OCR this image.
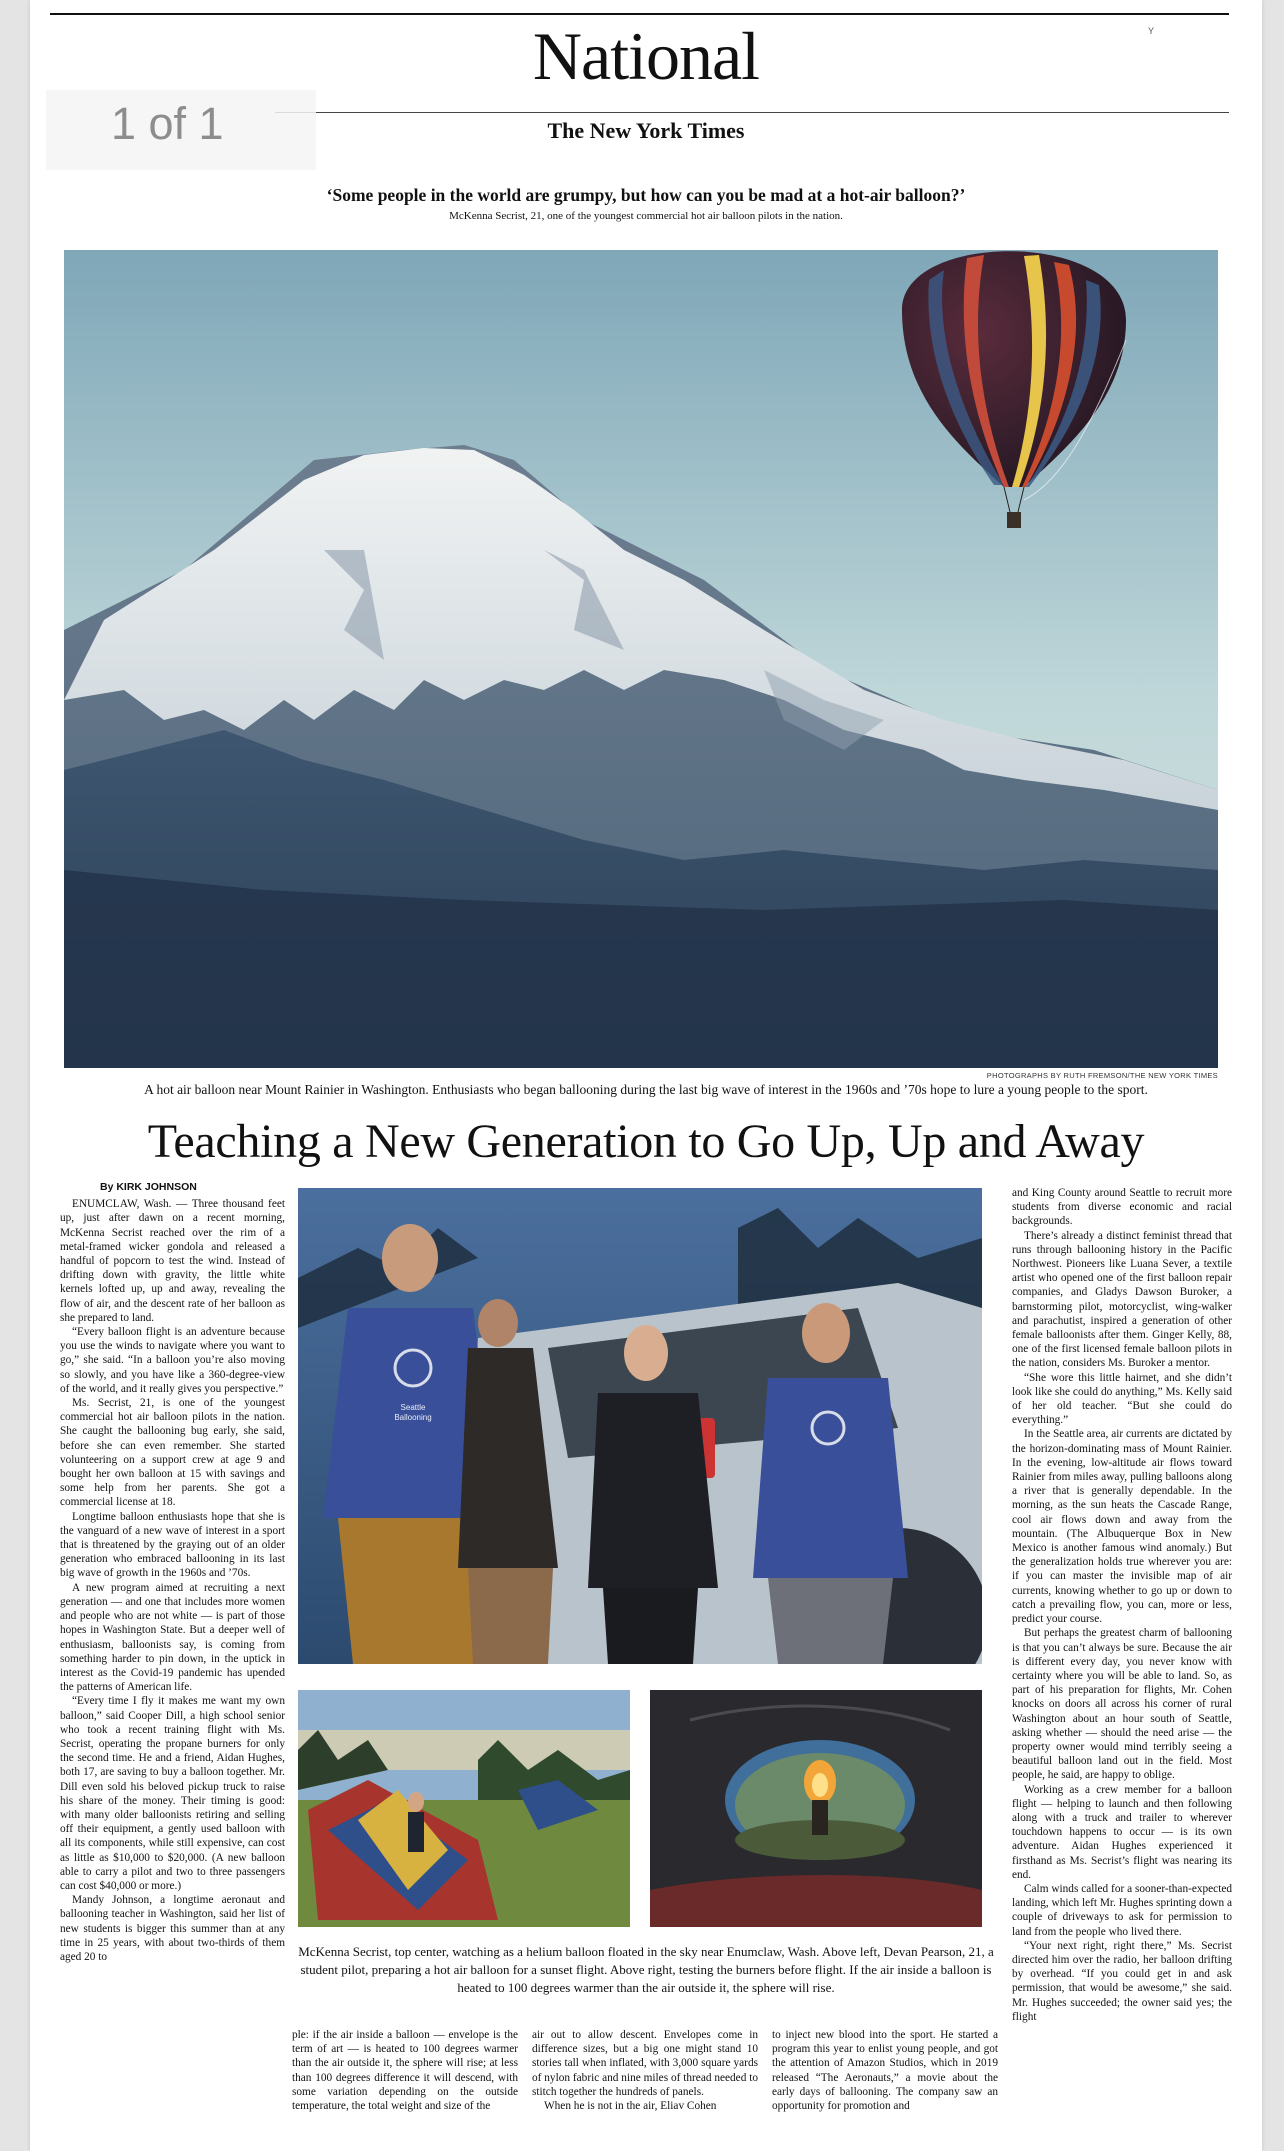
National	Y
1 of 1	The New York Times
‘Some people in the world are grumpy, but how can you be mad at a hot-air balloon?’
McKenna Secrist, 21, one of the youngest commercial hot air balloon pilots in the nation.
PHOTOGRAPHS BY RUTH FREMSON/THE NEW YORK TIMES
A hot air balloon near Mount Rainier in Washington. Enthusiasts who began ballooning during the last big wave of interest in the 1960s and ’70s hope to lure a young people to the sport.
Teaching a New Generation to Go Up, Up and Away
By KIRK JOHNSON

ENUMCLAW, Wash. — Three thousand feet up, just after dawn on a recent morning, McKenna Secrist reached over the rim of a metal-framed wicker gondola and released a handful of popcorn to test the wind. Instead of drifting down with gravity, the little white kernels lofted up, up and away, revealing the flow of air, and the descent rate of her balloon as she prepared to land.

“Every balloon flight is an adventure because you use the winds to navigate where you want to go,” she said. “In a balloon you’re also moving so slowly, and you have like a 360-degree-view of the world, and it really gives you perspective.”

Ms. Secrist, 21, is one of the youngest commercial hot air balloon pilots in the nation. She caught the ballooning bug early, she said, before she can even remember. She started volunteering on a support crew at age 9 and bought her own balloon at 15 with savings and some help from her parents. She got a commercial license at 18.

Longtime balloon enthusiasts hope that she is the vanguard of a new wave of interest in a sport that is threatened by the graying out of an older generation who embraced ballooning in its last big wave of growth in the 1960s and ’70s.

A new program aimed at recruiting a next generation — and one that includes more women and people who are not white — is part of those hopes in Washington State. But a deeper well of enthusiasm, balloonists say, is coming from something harder to pin down, in the uptick in interest as the Covid-19 pandemic has upended the patterns of American life.

“Every time I fly it makes me want my own balloon,” said Cooper Dill, a high school senior who took a recent training flight with Ms. Secrist, operating the propane burners for only the second time. He and a friend, Aidan Hughes, both 17, are saving to buy a balloon together. Mr. Dill even sold his beloved pickup truck to raise his share of the money. Their timing is good: with many older balloonists retiring and selling off their equipment, a gently used balloon with all its components, while still expensive, can cost as little as $10,000 to $20,000. (A new balloon able to carry a pilot and two to three passengers can cost $40,000 or more.)

Mandy Johnson, a longtime aeronaut and ballooning teacher in Washington, said her list of new students is bigger this summer than at any time in 25 years, with about two-thirds of them aged 20 to

Seattle
Ballooning
McKenna Secrist, top center, watching as a helium balloon floated in the sky near Enumclaw, Wash. Above left, Devan Pearson, 21, a student pilot, preparing a hot air balloon for a sunset flight. Above right, testing the burners before flight. If the air inside a balloon is heated to 100 degrees warmer than the air outside it, the sphere will rise.

ple: if the air inside a balloon — envelope is the term of art — is heated to 100 degrees warmer than the air outside it, the sphere will rise; at less than 100 degrees difference it will descend, with some variation depending on the outside temperature, the total weight and size of the

air out to allow descent. Envelopes come in difference sizes, but a big one might stand 10 stories tall when inflated, with 3,000 square yards of nylon fabric and nine miles of thread needed to stitch together the hundreds of panels.

When he is not in the air, Eliav Cohen

to inject new blood into the sport. He started a program this year to enlist young people, and got the attention of Amazon Studios, which in 2019 released “The Aeronauts,” a movie about the early days of ballooning. The company saw an opportunity for promotion and

and King County around Seattle to recruit more students from diverse economic and racial backgrounds.

There’s already a distinct feminist thread that runs through ballooning history in the Pacific Northwest. Pioneers like Luana Sever, a textile artist who opened one of the first balloon repair companies, and Gladys Dawson Buroker, a barnstorming pilot, motorcyclist, wing-walker and parachutist, inspired a generation of other female balloonists after them. Ginger Kelly, 88, one of the first licensed female balloon pilots in the nation, considers Ms. Buroker a mentor.

“She wore this little hairnet, and she didn’t look like she could do anything,” Ms. Kelly said of her old teacher. “But she could do everything.”

In the Seattle area, air currents are dictated by the horizon-dominating mass of Mount Rainier. In the evening, low-altitude air flows toward Rainier from miles away, pulling balloons along a river that is generally dependable. In the morning, as the sun heats the Cascade Range, cool air flows down and away from the mountain. (The Albuquerque Box in New Mexico is another famous wind anomaly.) But the generalization holds true wherever you are: if you can master the invisible map of air currents, knowing whether to go up or down to catch a prevailing flow, you can, more or less, predict your course.

But perhaps the greatest charm of ballooning is that you can’t always be sure. Because the air is different every day, you never know with certainty where you will be able to land. So, as part of his preparation for flights, Mr. Cohen knocks on doors all across his corner of rural Washington about an hour south of Seattle, asking whether — should the need arise — the property owner would mind terribly seeing a beautiful balloon land out in the field. Most people, he said, are happy to oblige.

Working as a crew member for a balloon flight — helping to launch and then following along with a truck and trailer to wherever touchdown happens to occur — is its own adventure. Aidan Hughes experienced it firsthand as Ms. Secrist’s flight was nearing its end.

Calm winds called for a sooner-than-expected landing, which left Mr. Hughes sprinting down a couple of driveways to ask for permission to land from the people who lived there.

“Your next right, right there,” Ms. Secrist directed him over the radio, her balloon drifting by overhead. “If you could get in and ask permission, that would be awesome,” she said. Mr. Hughes succeeded; the owner said yes; the flight
